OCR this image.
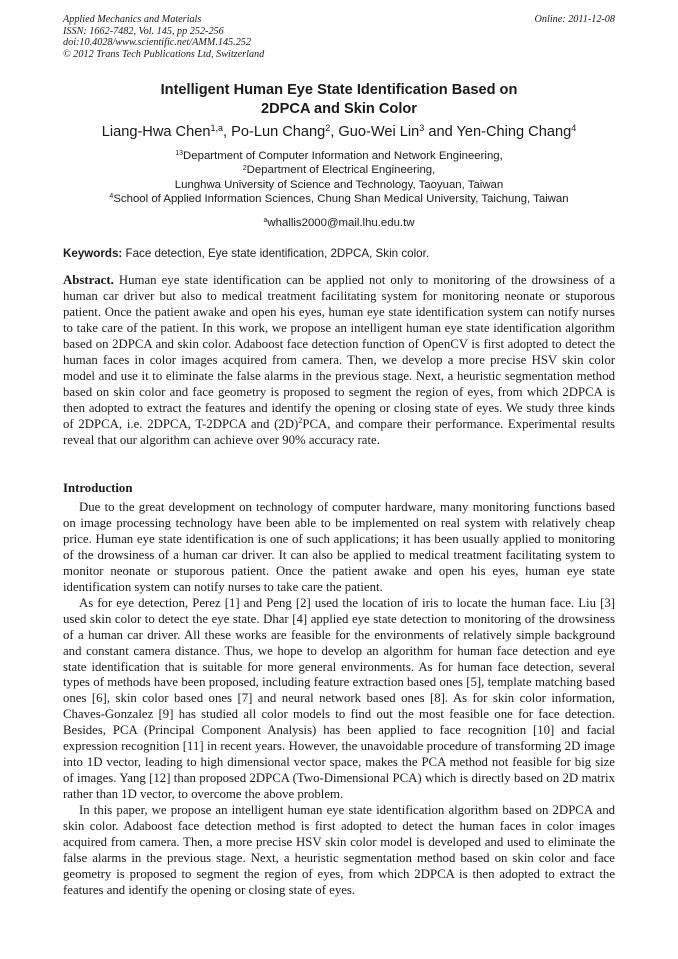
Applied Mechanics and Materials
ISSN: 1662-7482, Vol. 145, pp 252-256
doi:10.4028/www.scientific.net/AMM.145.252
© 2012 Trans Tech Publications Ltd, Switzerland
Online: 2011-12-08
Intelligent Human Eye State Identification Based on
2DPCA and Skin Color
Liang-Hwa Chen$^{1,a}$, Po-Lun Chang$^2$, Guo-Wei Lin$^3$ and Yen-Ching Chang$^4$
$^{13}$Department of Computer Information and Network Engineering,
$^2$Department of Electrical Engineering,
Lunghwa University of Science and Technology, Taoyuan, Taiwan
$^4$School of Applied Information Sciences, Chung Shan Medical University, Taichung, Taiwan
$^a$whallis2000@mail.lhu.edu.tw
Keywords: Face detection, Eye state identification, 2DPCA, Skin color.

Abstract. Human eye state identification can be applied not only to monitoring of the drowsiness of a human car driver but also to medical treatment facilitating system for monitoring neonate or stuporous patient. Once the patient awake and open his eyes, human eye state identification system can notify nurses to take care of the patient. In this work, we propose an intelligent human eye state identification algorithm based on 2DPCA and skin color. Adaboost face detection function of OpenCV is first adopted to detect the human faces in color images acquired from camera. Then, we develop a more precise HSV skin color model and use it to eliminate the false alarms in the previous stage. Next, a heuristic segmentation method based on skin color and face geometry is proposed to segment the region of eyes, from which 2DPCA is then adopted to extract the features and identify the opening or closing state of eyes. We study three kinds of 2DPCA, i.e. 2DPCA, T-2DPCA and $(2D)^2PCA$, and compare their performance. Experimental results reveal that our algorithm can achieve over 90% accuracy rate.

Introduction

Due to the great development on technology of computer hardware, many monitoring functions based on image processing technology have been able to be implemented on real system with relatively cheap price. Human eye state identification is one of such applications; it has been usually applied to monitoring of the drowsiness of a human car driver. It can also be applied to medical treatment facilitating system to monitor neonate or stuporous patient. Once the patient awake and open his eyes, human eye state identification system can notify nurses to take care the patient.

As for eye detection, Perez [1] and Peng [2] used the location of iris to locate the human face. Liu [3] used skin color to detect the eye state. Dhar [4] applied eye state detection to monitoring of the drowsiness of a human car driver. All these works are feasible for the environments of relatively simple background and constant camera distance. Thus, we hope to develop an algorithm for human face detection and eye state identification that is suitable for more general environments. As for human face detection, several types of methods have been proposed, including feature extraction based ones [5], template matching based ones [6], skin color based ones [7] and neural network based ones [8]. As for skin color information, Chaves-Gonzalez [9] has studied all color models to find out the most feasible one for face detection. Besides, PCA (Principal Component Analysis) has been applied to face recognition [10] and facial expression recognition [11] in recent years. However, the unavoidable procedure of transforming 2D image into 1D vector, leading to high dimensional vector space, makes the PCA method not feasible for big size of images. Yang [12] than proposed 2DPCA (Two-Dimensional PCA) which is directly based on 2D matrix rather than 1D vector, to overcome the above problem.

In this paper, we propose an intelligent human eye state identification algorithm based on 2DPCA and skin color. Adaboost face detection method is first adopted to detect the human faces in color images acquired from camera. Then, a more precise HSV skin color model is developed and used to eliminate the false alarms in the previous stage. Next, a heuristic segmentation method based on skin color and face geometry is proposed to segment the region of eyes, from which 2DPCA is then adopted to extract the features and identify the opening or closing state of eyes.
